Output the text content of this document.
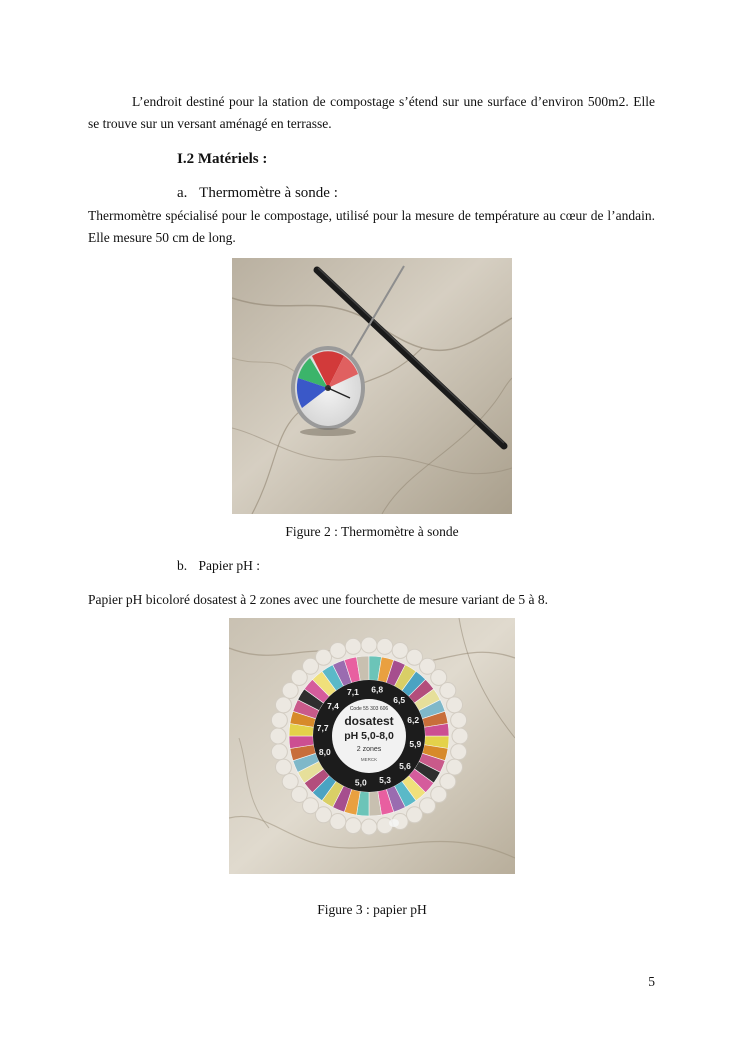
L’endroit destiné pour la station de compostage s’étend sur une surface d’environ 500m2. Elle se trouve sur un versant aménagé en terrasse.
I.2 Matériels :
a. Thermomètre à sonde :
Thermomètre spécialisé pour le compostage, utilisé pour la mesure de température au cœur de l’andain. Elle mesure 50 cm de long.
Figure 2 : Thermomètre à sonde
b. Papier pH :
Papier pH bicoloré dosatest à 2 zones avec une fourchette de mesure variant de 5 à 8.
5,0 5,3
5,6
5,9
6,2
6,5
6,8
7,1
7,4
7,7
8,0
Code 55 303 606
dosatest
pH 5,0-8,0
2 zones
MERCK
Figure 3 : papier pH
5
